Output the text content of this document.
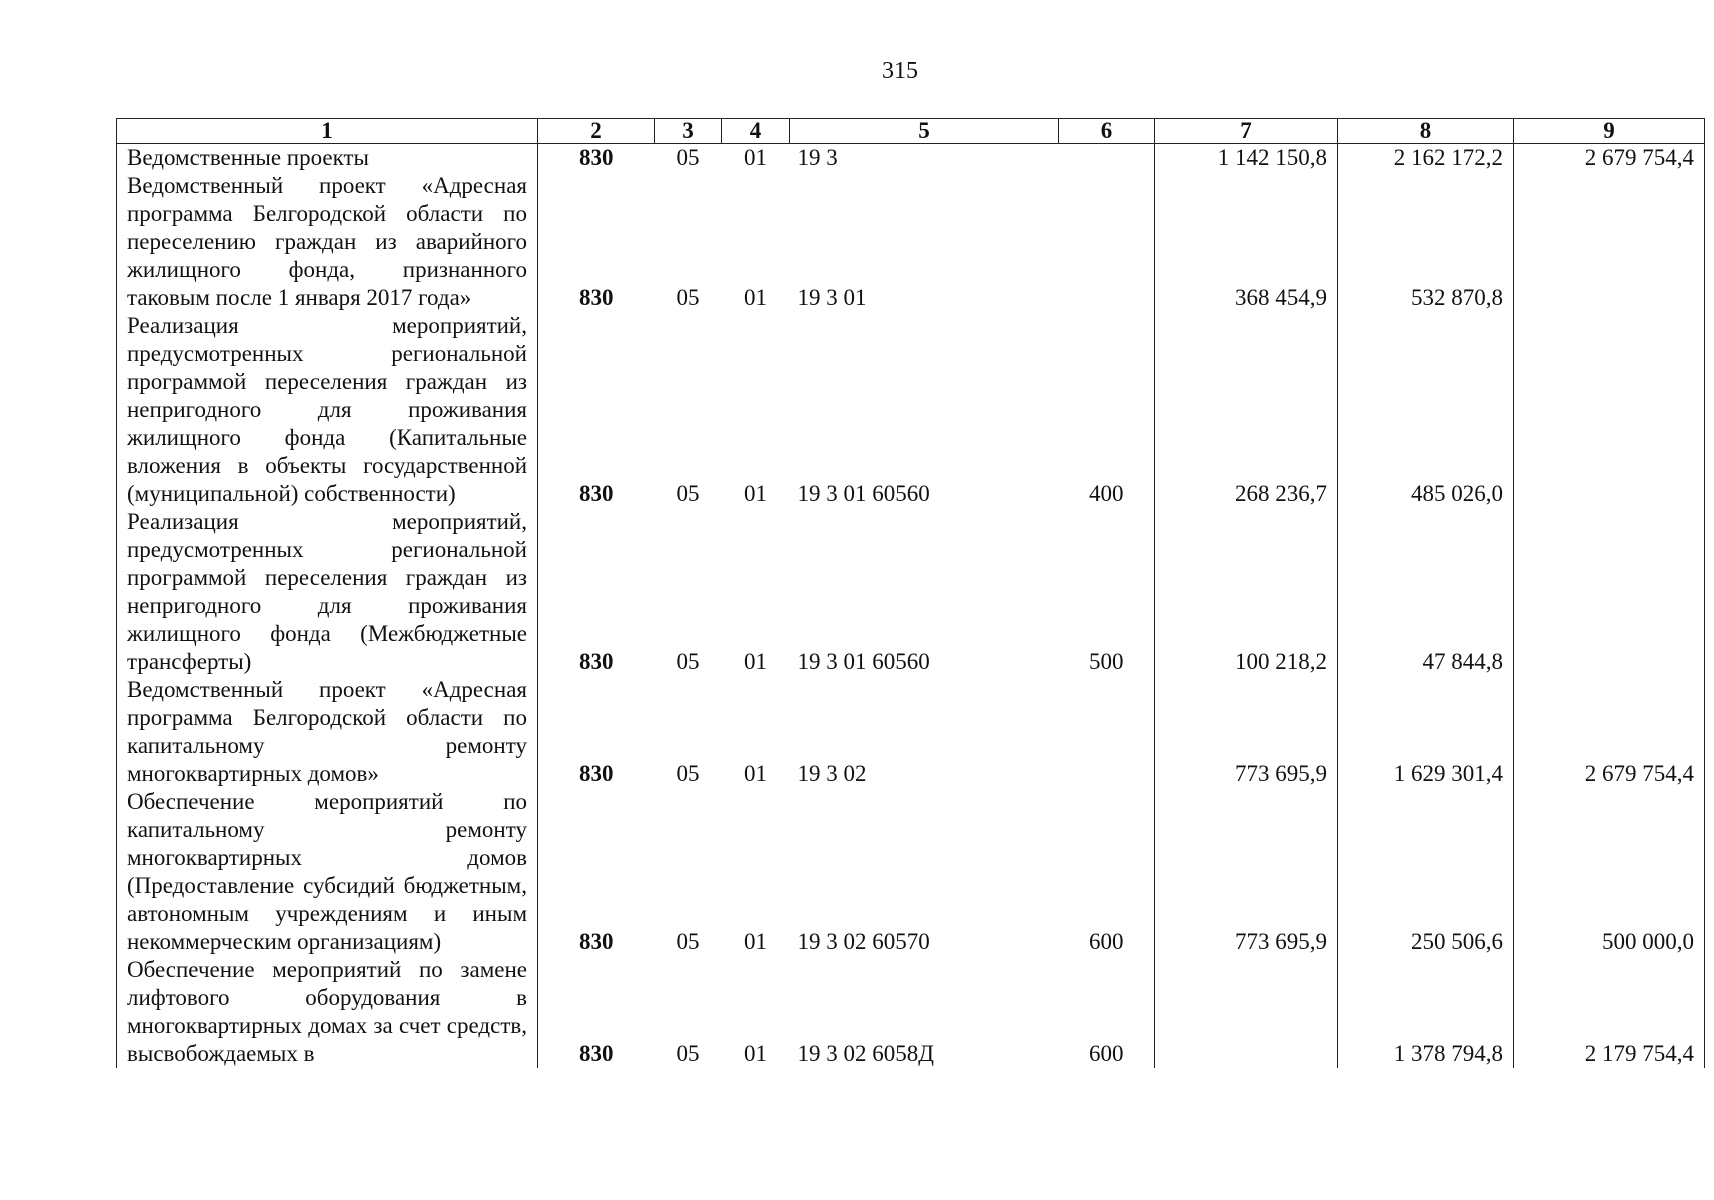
315
1	2	3	4	5	6	7	8	9
Ведомственные проекты	830	05	01	19 3		1 142 150,8	2 162 172,2	2 679 754,4
Ведомственный проект «Адресная программа Белгородской области по переселению граждан из аварийного жилищного фонда, признанного таковым после 1 января 2017 года»	830	05	01	19 3 01		368 454,9	532 870,8	
Реализация мероприятий, предусмотренных региональной программой переселения граждан из непригодного для проживания жилищного фонда (Капитальные вложения в объекты государственной (муниципальной) собственности)	830	05	01	19 3 01 60560	400	268 236,7	485 026,0	
Реализация мероприятий, предусмотренных региональной программой переселения граждан из непригодного для проживания жилищного фонда (Межбюджетные трансферты)	830	05	01	19 3 01 60560	500	100 218,2	47 844,8	
Ведомственный проект «Адресная программа Белгородской области по капитальному ремонту многоквартирных домов»	830	05	01	19 3 02		773 695,9	1 629 301,4	2 679 754,4
Обеспечение мероприятий по капитальному ремонту многоквартирных домов (Предоставление субсидий бюджетным, автономным учреждениям и иным некоммерческим организациям)	830	05	01	19 3 02 60570	600	773 695,9	250 506,6	500 000,0
Обеспечение мероприятий по замене лифтового оборудования в многоквартирных домах за счет средств, высвобождаемых в	830	05	01	19 3 02 6058Д	600		1 378 794,8	2 179 754,4
